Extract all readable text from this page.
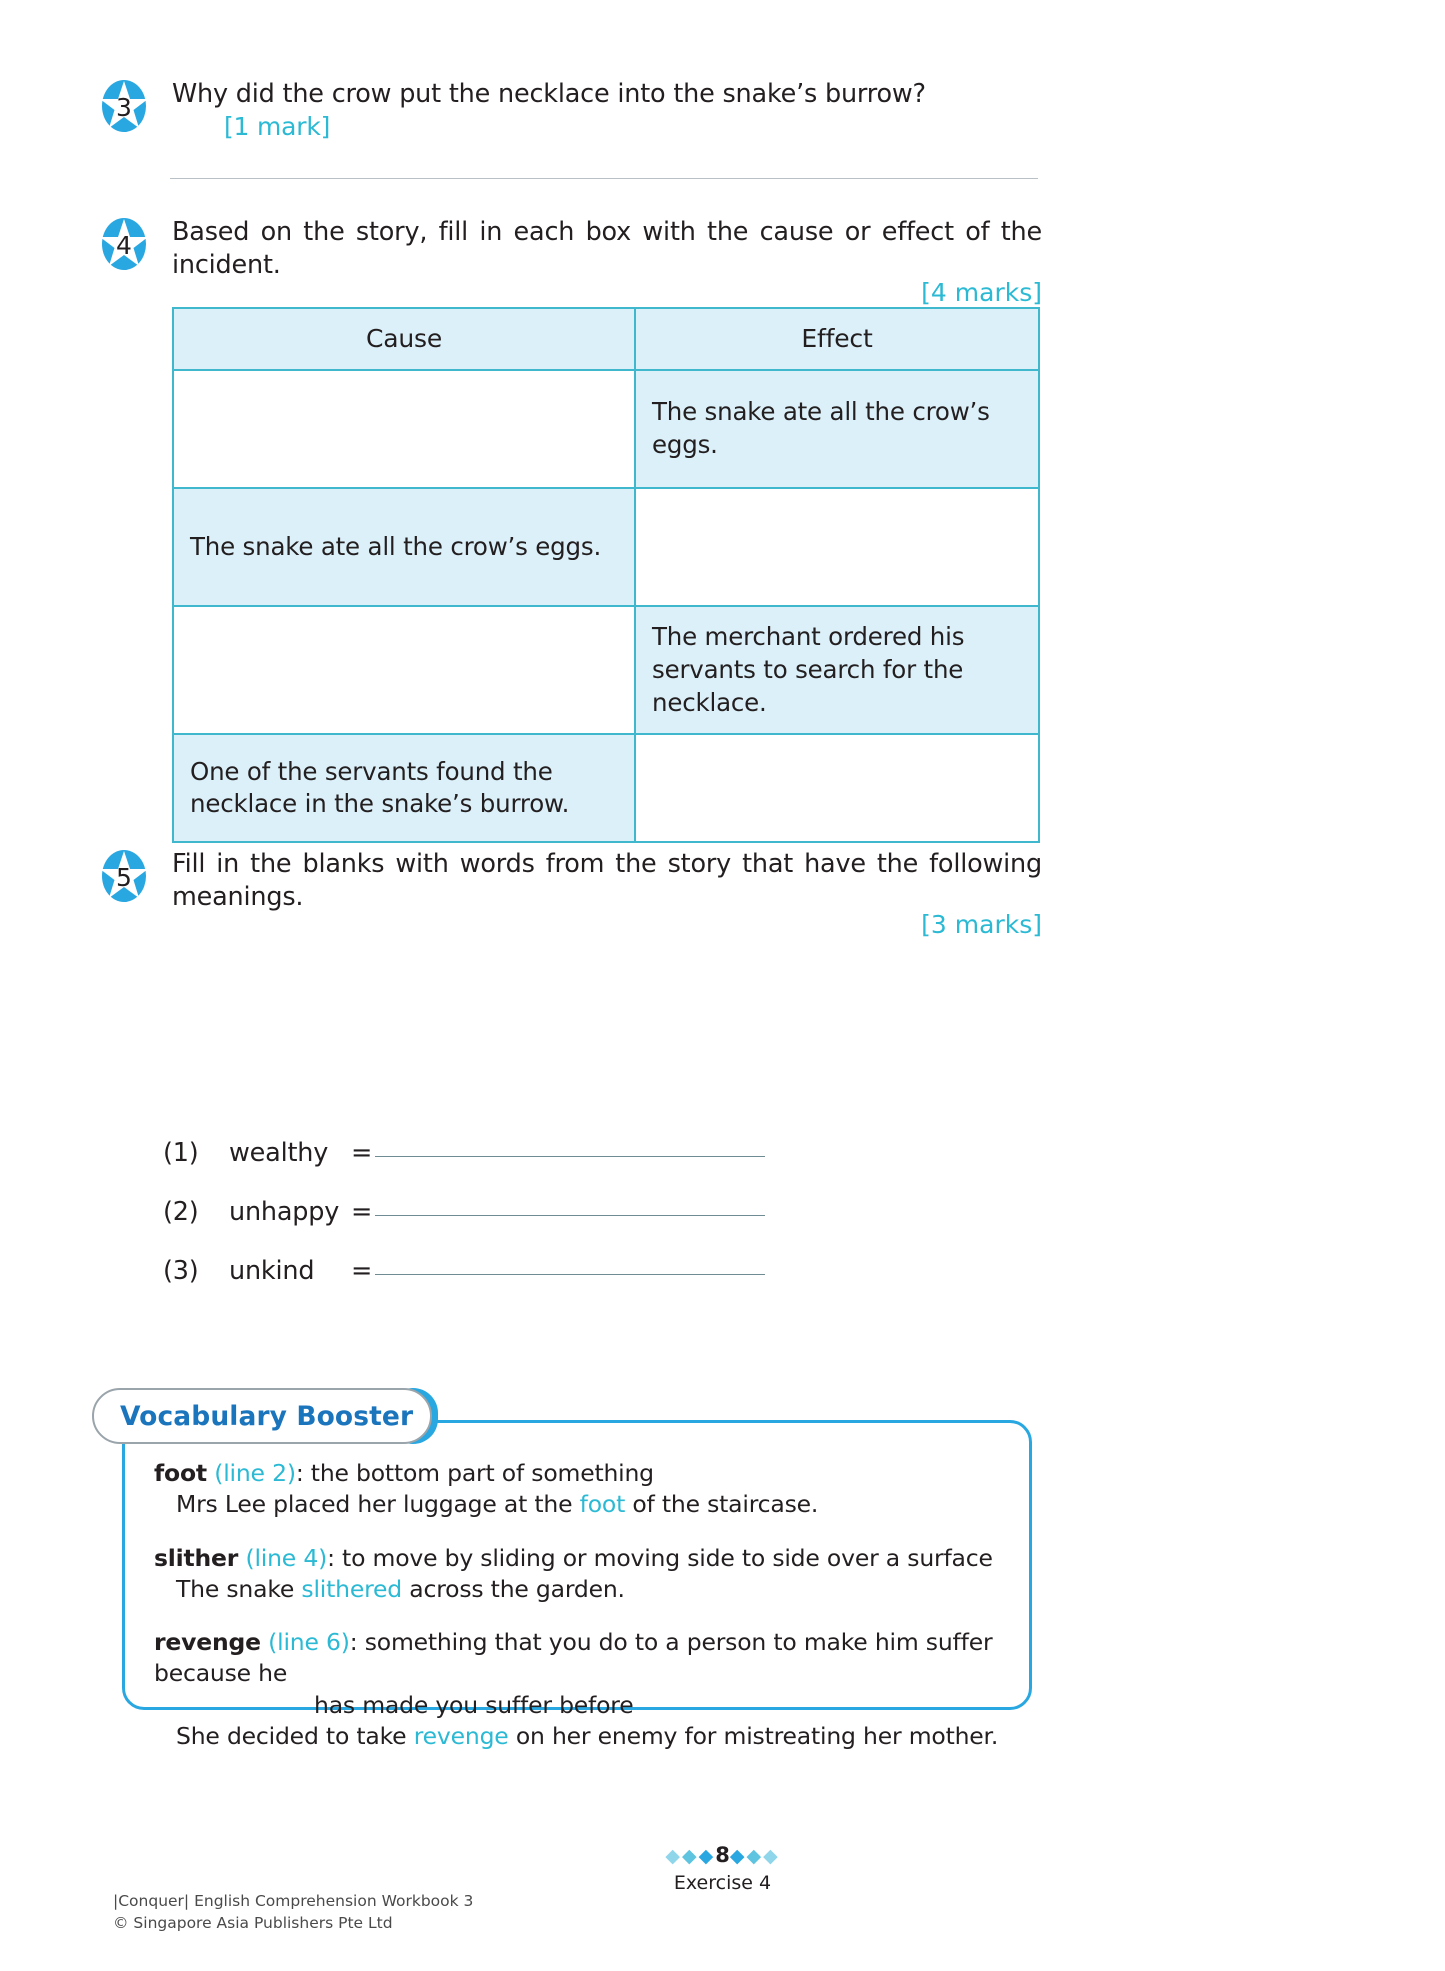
3	Why did the crow put the necklace into the snake’s burrow?[1 mark]
4	Based on the story, fill in each box with the cause or effect of the incident.
[4 marks]
Cause	Effect
	The snake ate all the crow’s eggs.
The snake ate all the crow’s eggs.	
	The merchant ordered his servants to search for the necklace.
One of the servants found the necklace in the snake’s burrow.	
5	Fill in the blanks with words from the story that have the following meanings.
[3 marks]
(1)	wealthy =
(2)	unhappy =
(3)	unkind	=
Vocabulary Booster
foot (line 2): the bottom part of something
Mrs Lee placed her luggage at the foot of the staircase.
slither (line 4): to move by sliding or moving side to side over a surface
The snake slithered across the garden.
revenge (line 6): something that you do to a person to make him suffer because he
has made you suffer before
She decided to take revenge on her enemy for mistreating her mother.
◆◆◆8◆◆◆
Exercise 4
|Conquer| English Comprehension Workbook 3
© Singapore Asia Publishers Pte Ltd
